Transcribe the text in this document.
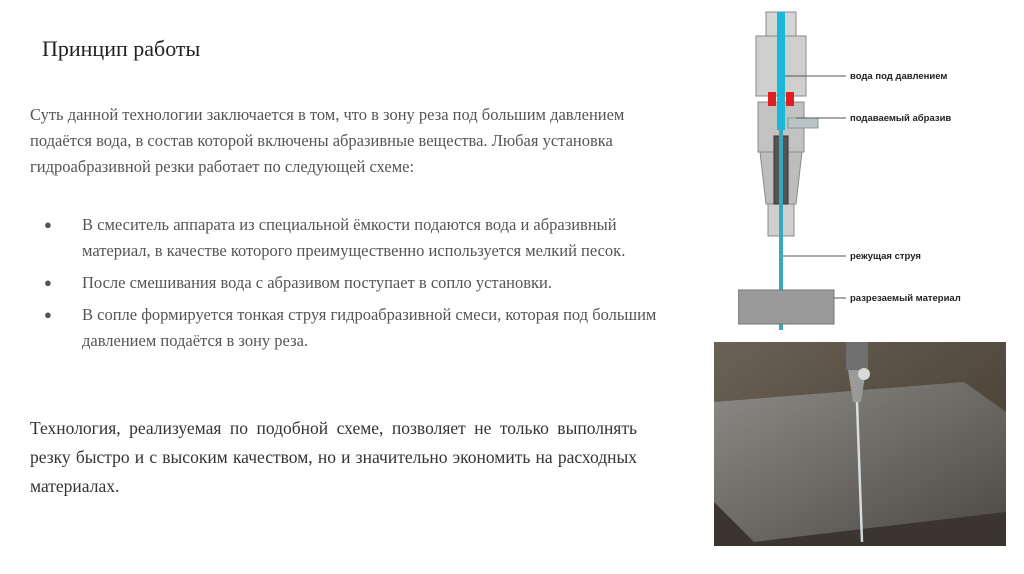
Принцип работы

Суть данной технологии заключается в том, что в зону реза под большим давлением подаётся вода, в состав которой включены абразивные вещества. Любая установка гидроабразивной резки работает по следующей схеме:

● В смеситель аппарата из специальной ёмкости подаются вода и абразивный материал, в качестве которого преимущественно используется мелкий песок.
● После смешивания вода с абразивом поступает в сопло установки.
● В сопле формируется тонкая струя гидроабразивной смеси, которая под большим давлением подаётся в зону реза.

Технология, реализуемая по подобной схеме, позволяет не только выполнять резку быстро и с высоким качеством, но и значительно экономить на расходных материалах.

вода под давлением
подаваемый абразив
режущая струя
разрезаемый материал
